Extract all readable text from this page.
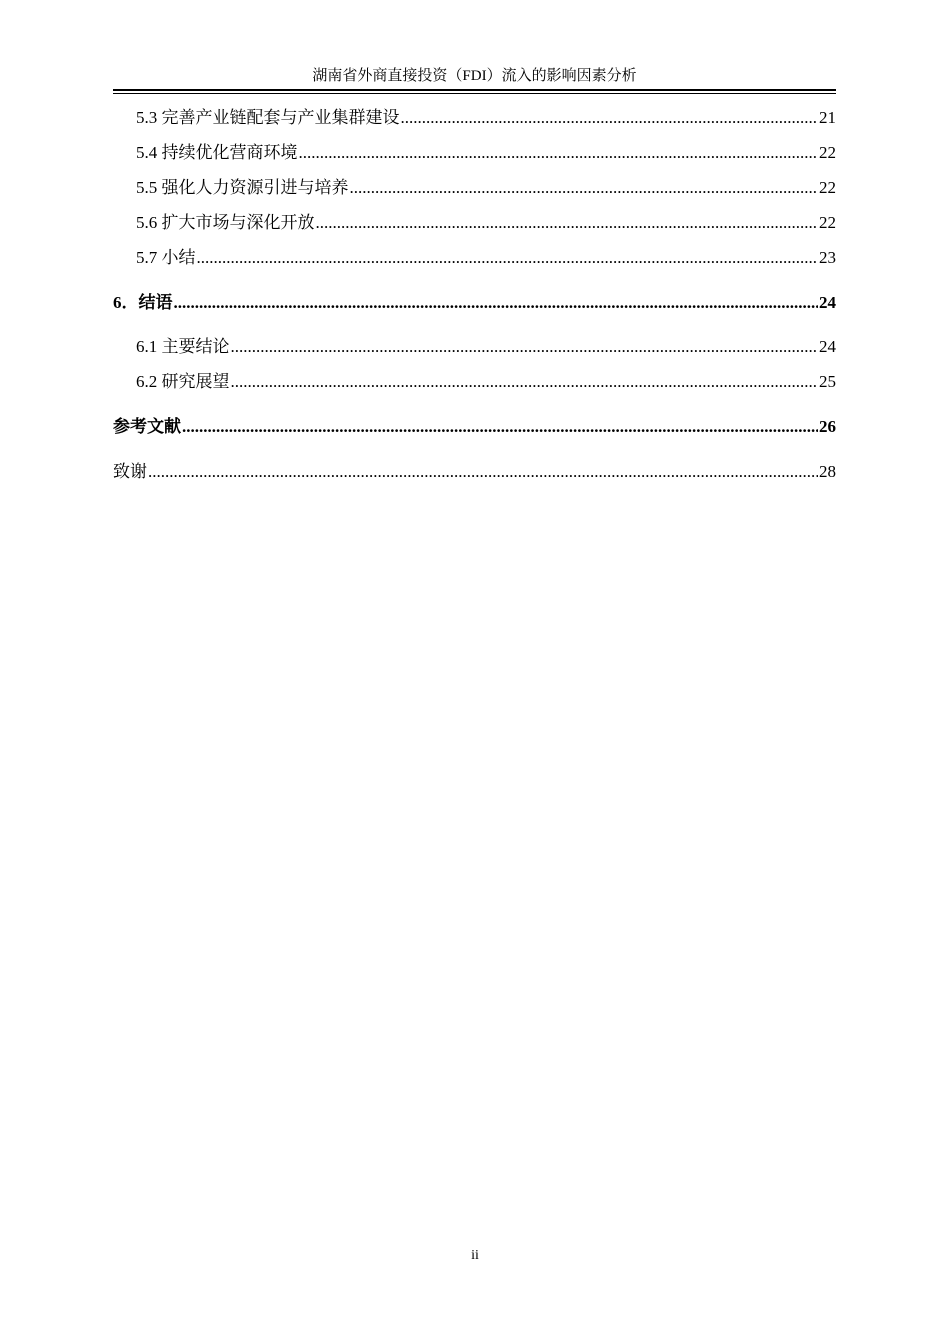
湖南省外商直接投资（FDI）流入的影响因素分析
5.3 完善产业链配套与产业集群建设 .....	21
5.4 持续优化营商环境 .....	22
5.5 强化人力资源引进与培养 .....	22
5.6 扩大市场与深化开放 .....	22
5.7 小结 .....	23
6．结语 .....	24
6.1 主要结论 .....	24
6.2 研究展望 .....	25
参考文献 .....	26
致谢 .....	28
ii
